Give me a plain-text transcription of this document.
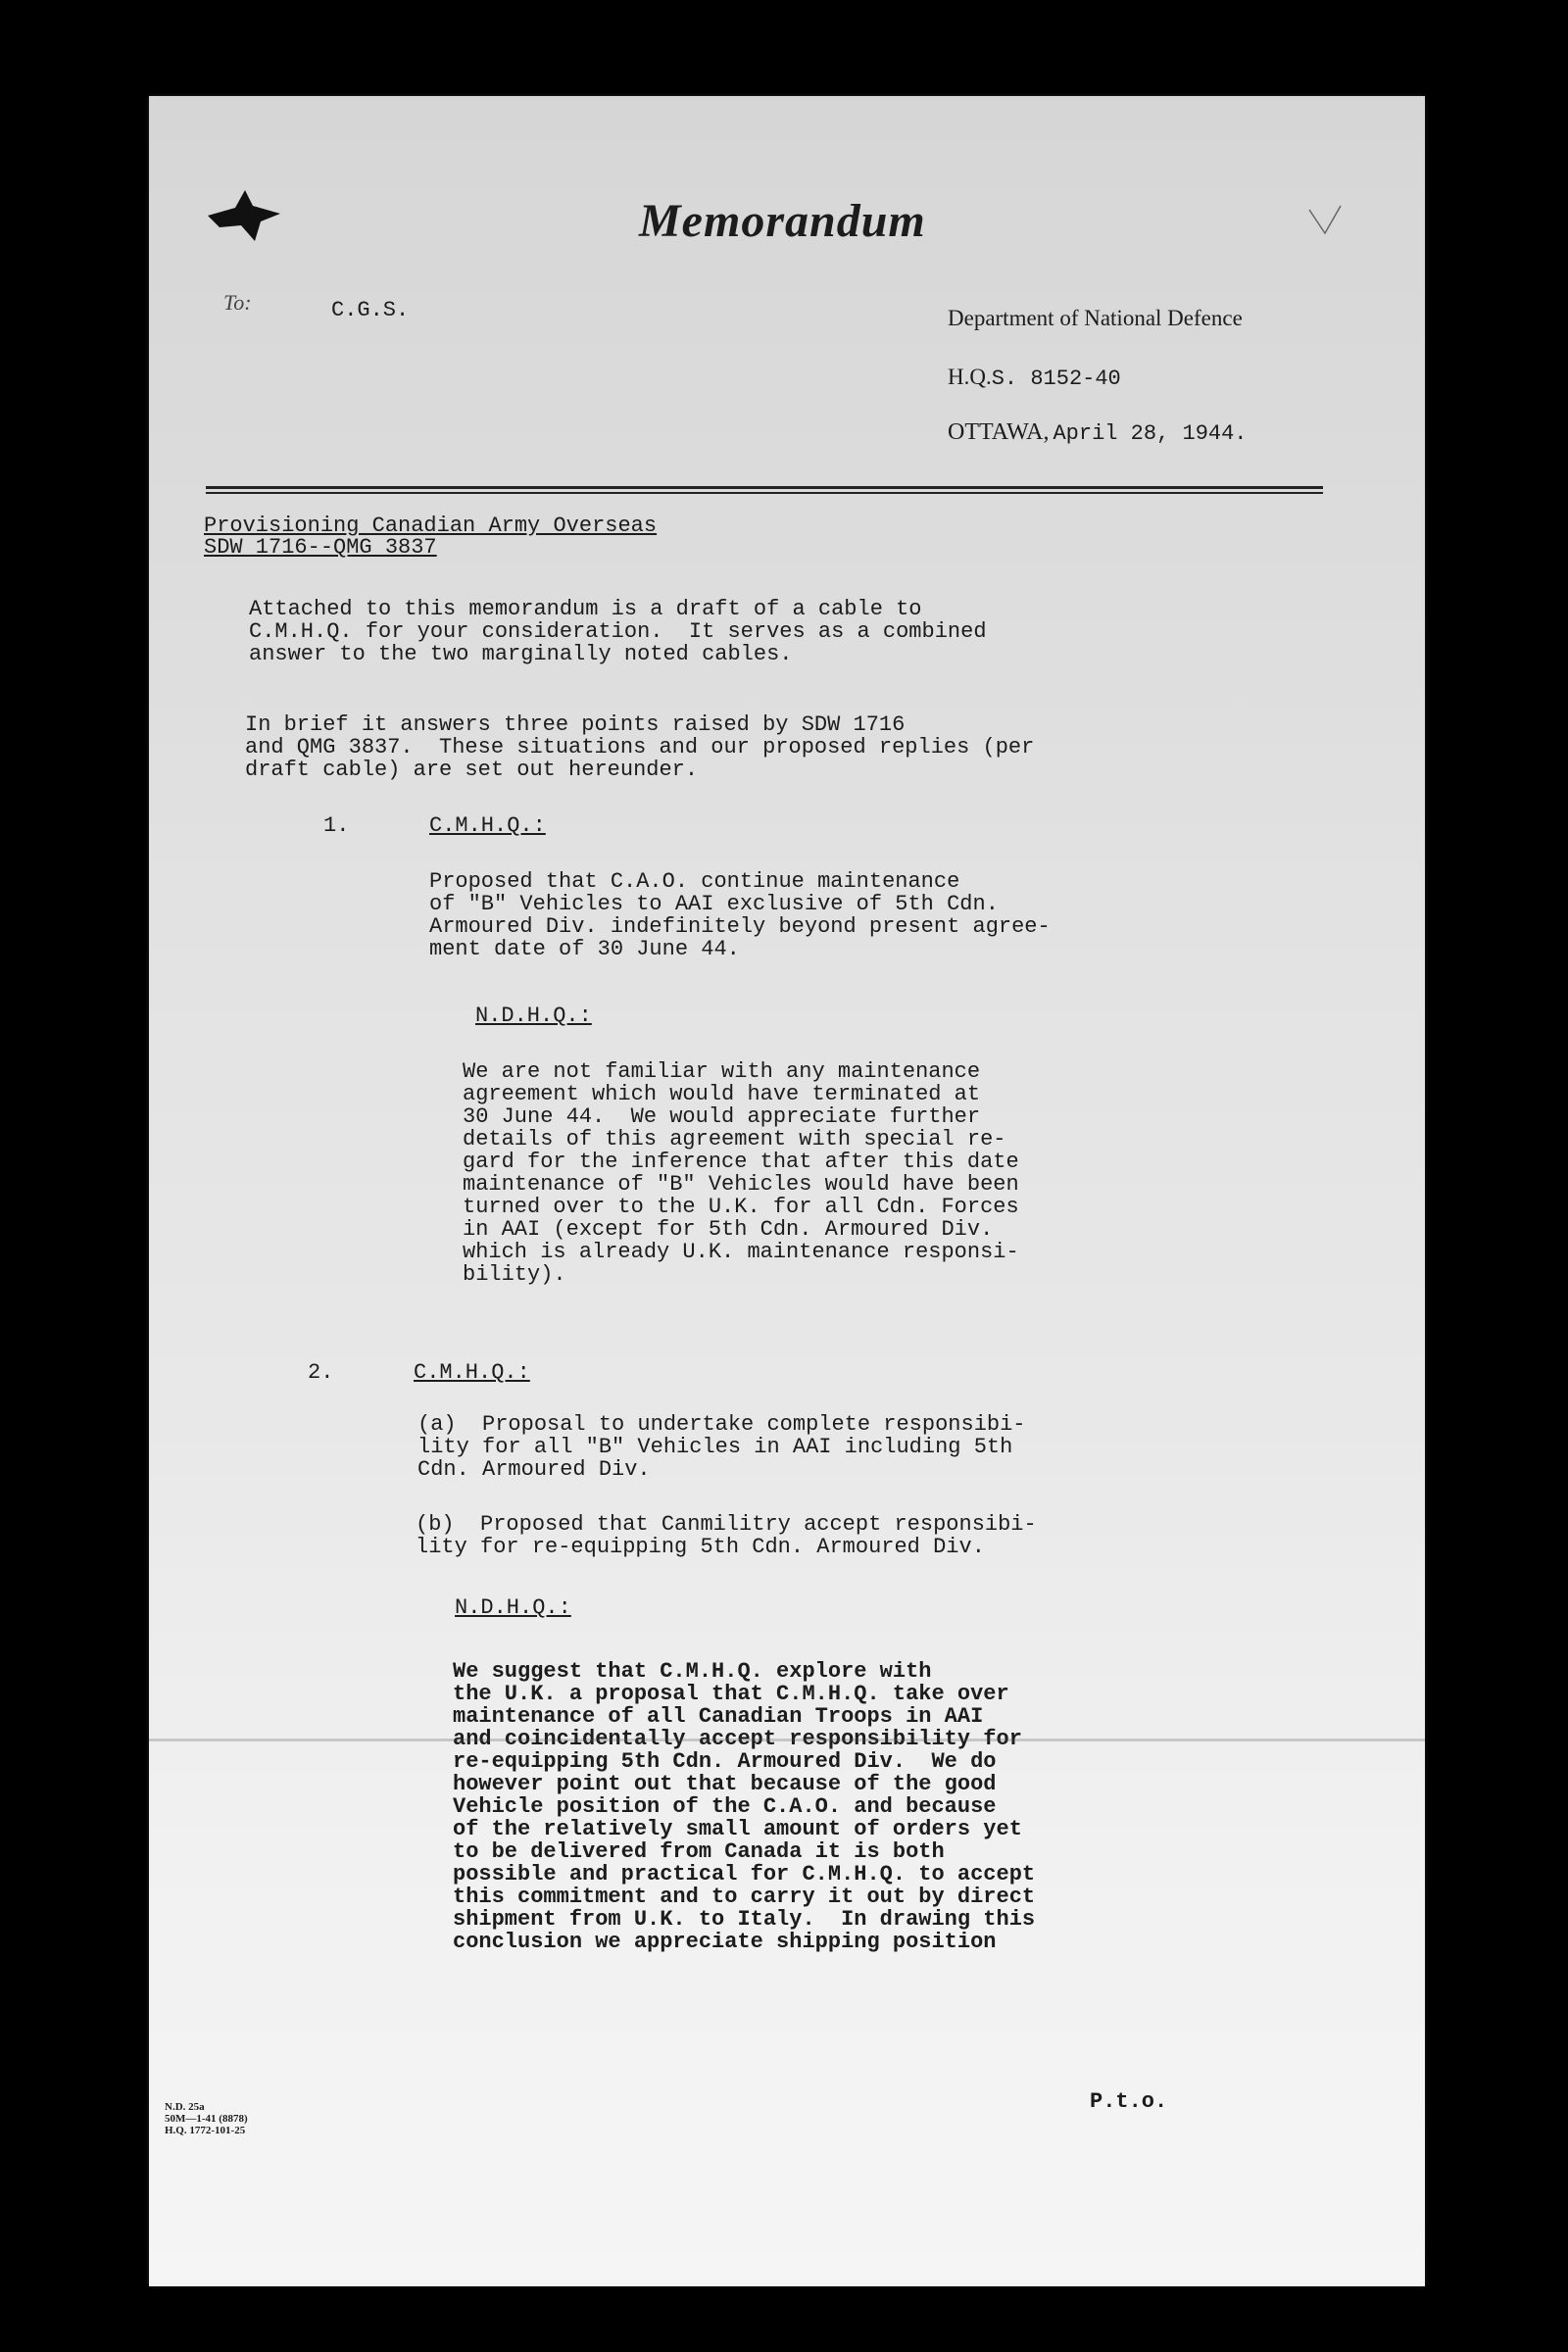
Memorandum
To:	C.G.S.	Department of National Defence
H.Q.S. 8152-40
OTTAWA, April 28, 1944.
Provisioning Canadian Army Overseas
SDW 1716--QMG 3837
Attached to this memorandum is a draft of a cable to
C.M.H.Q. for your consideration.  It serves as a combined
answer to the two marginally noted cables.
In brief it answers three points raised by SDW 1716
and QMG 3837.  These situations and our proposed replies (per
draft cable) are set out hereunder.
1.	C.M.H.Q.:
Proposed that C.A.O. continue maintenance
of "B" Vehicles to AAI exclusive of 5th Cdn.
Armoured Div. indefinitely beyond present agree-
ment date of 30 June 44.
N.D.H.Q.:
We are not familiar with any maintenance
agreement which would have terminated at
30 June 44.  We would appreciate further
details of this agreement with special re-
gard for the inference that after this date
maintenance of "B" Vehicles would have been
turned over to the U.K. for all Cdn. Forces
in AAI (except for 5th Cdn. Armoured Div.
which is already U.K. maintenance responsi-
bility).
2.	C.M.H.Q.:
(a)  Proposal to undertake complete responsibi-
lity for all "B" Vehicles in AAI including 5th
Cdn. Armoured Div.
(b)  Proposed that Canmilitry accept responsibi-
lity for re-equipping 5th Cdn. Armoured Div.
N.D.H.Q.:
We suggest that C.M.H.Q. explore with
the U.K. a proposal that C.M.H.Q. take over
maintenance of all Canadian Troops in AAI
and coincidentally accept responsibility for
re-equipping 5th Cdn. Armoured Div.  We do
however point out that because of the good
Vehicle position of the C.A.O. and because
of the relatively small amount of orders yet
to be delivered from Canada it is both
possible and practical for C.M.H.Q. to accept
this commitment and to carry it out by direct
shipment from U.K. to Italy.  In drawing this
conclusion we appreciate shipping position
P.t.o.
N.D. 25a
50M—1-41 (8878)
H.Q. 1772-101-25
